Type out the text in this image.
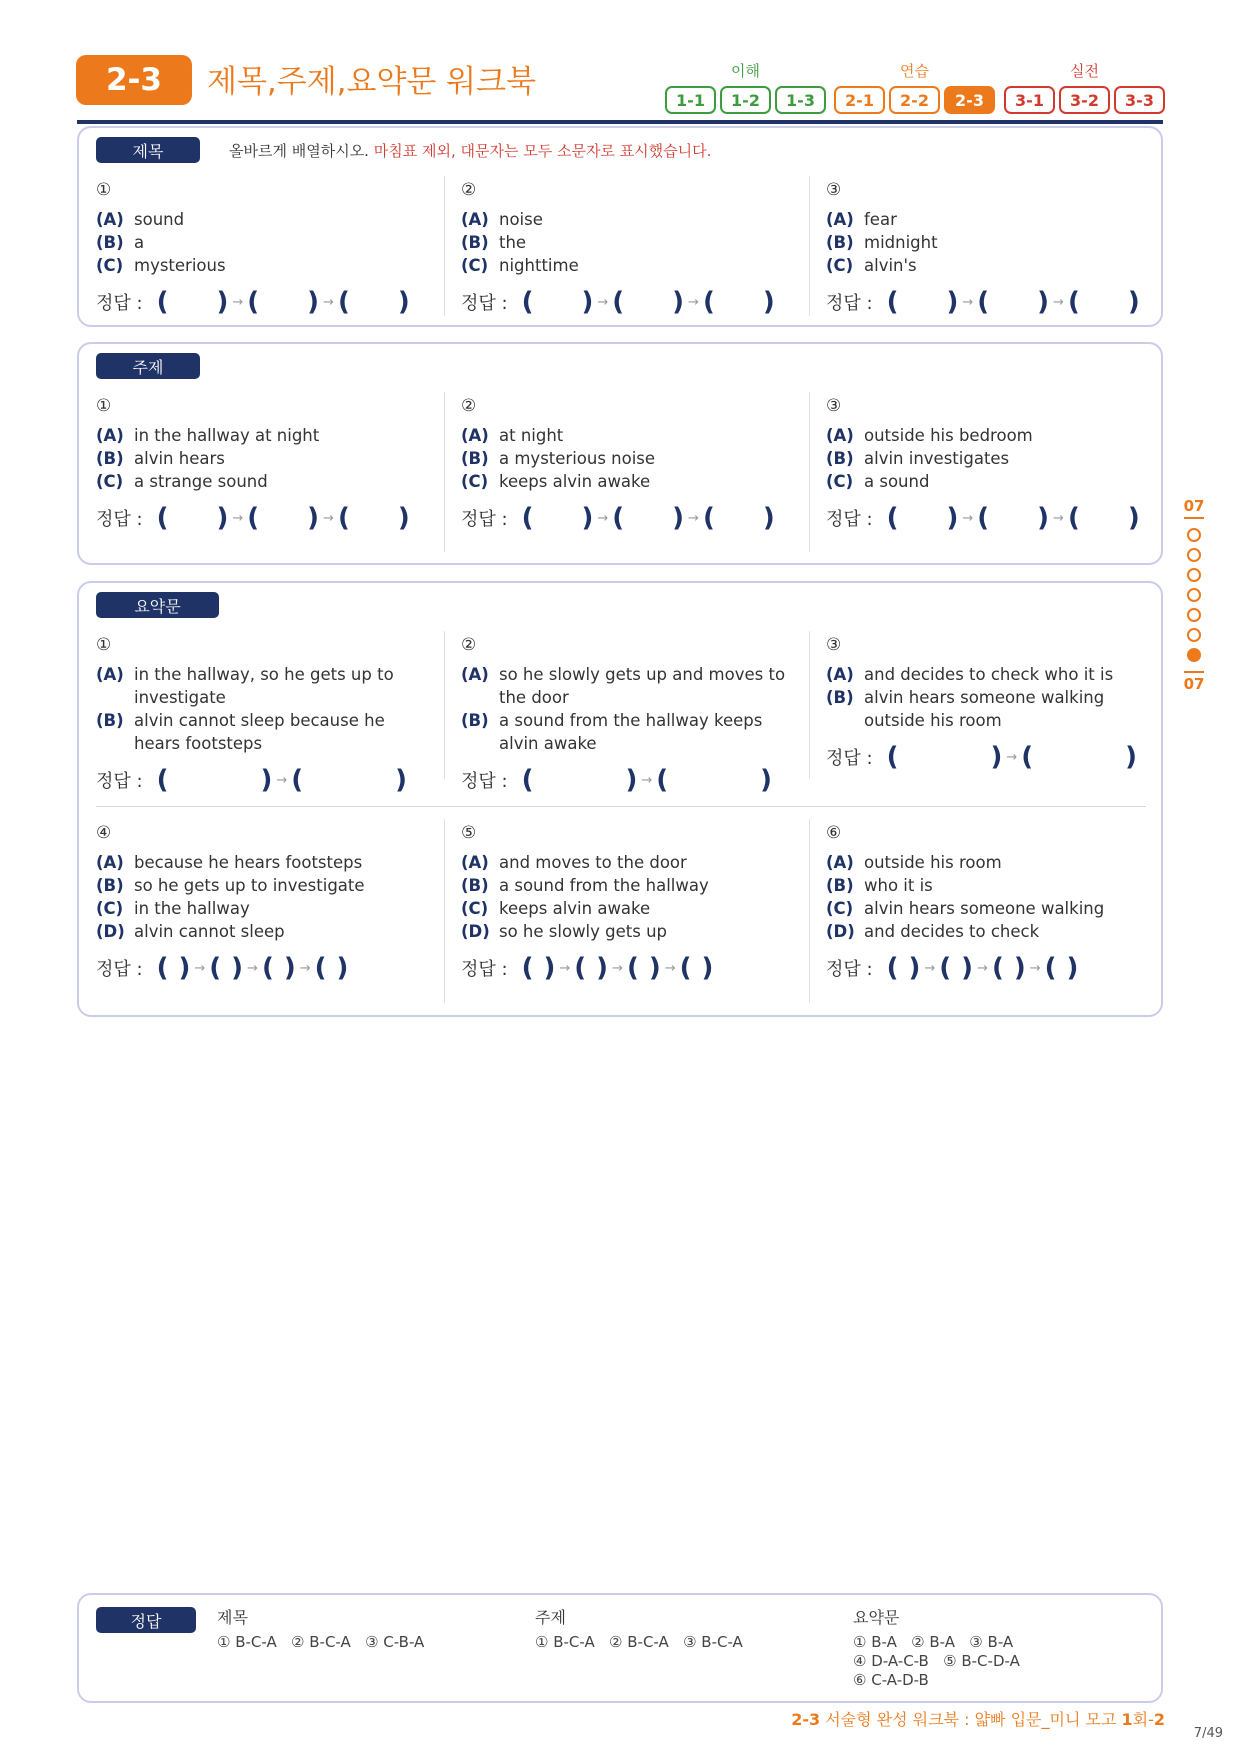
2-3	제목,주제,요약문 워크북	이해
1-1	1-2	1-3
연습
2-1	2-2	2-3
실전
3-1	3-2	3-3
제목	올바르게 배열하시오. 마침표 제외, 대문자는 모두 소문자로 표시했습니다.
①
(A) sound
(B) a
(C) mysterious
정답 : ( ) → ( ) → ( )
②
(A) noise
(B) the
(C) nighttime
정답 : ( ) → ( ) → ( )
③
(A) fear
(B) midnight
(C) alvin's
정답 : ( ) → ( ) → ( )
주제
①
(A) in the hallway at night
(B) alvin hears
(C) a strange sound
정답 : ( ) → ( ) → ( )
②
(A) at night
(B) a mysterious noise
(C) keeps alvin awake
정답 : ( ) → ( ) → ( )
③
(A) outside his bedroom
(B) alvin investigates
(C) a sound
정답 : ( ) → ( ) → ( )
요약문
①
(A) in the hallway, so he gets up to investigate
(B) alvin cannot sleep because he hears footsteps
정답 : (	) → (	)
②
(A) so he slowly gets up and moves to the door
(B) a sound from the hallway keeps alvin awake
정답 : (	) → (	)
③
(A) and decides to check who it is
(B) alvin hears someone walking outside his room
정답 : (	) → (	)
④
(A) because he hears footsteps
(B) so he gets up to investigate
(C) in the hallway
(D) alvin cannot sleep
정답 : ( ) → ( ) → ( ) → ( )
⑤
(A) and moves to the door
(B) a sound from the hallway
(C) keeps alvin awake
(D) so he slowly gets up
정답 : ( ) → ( ) → ( ) → ( )
⑥
(A) outside his room
(B) who it is
(C) alvin hears someone walking
(D) and decides to check
정답 : ( ) → ( ) → ( ) → ( )
07
07
정답	제목
① B-C-A   ② B-C-A   ③ C-B-A
주제
① B-C-A   ② B-C-A   ③ B-C-A
요약문
① B-A   ② B-A   ③ B-A
④ D-A-C-B   ⑤ B-C-D-A
⑥ C-A-D-B
2-3 서술형 완성 워크북 : 얇빠 입문_미니 모고 1회-2
7/49
